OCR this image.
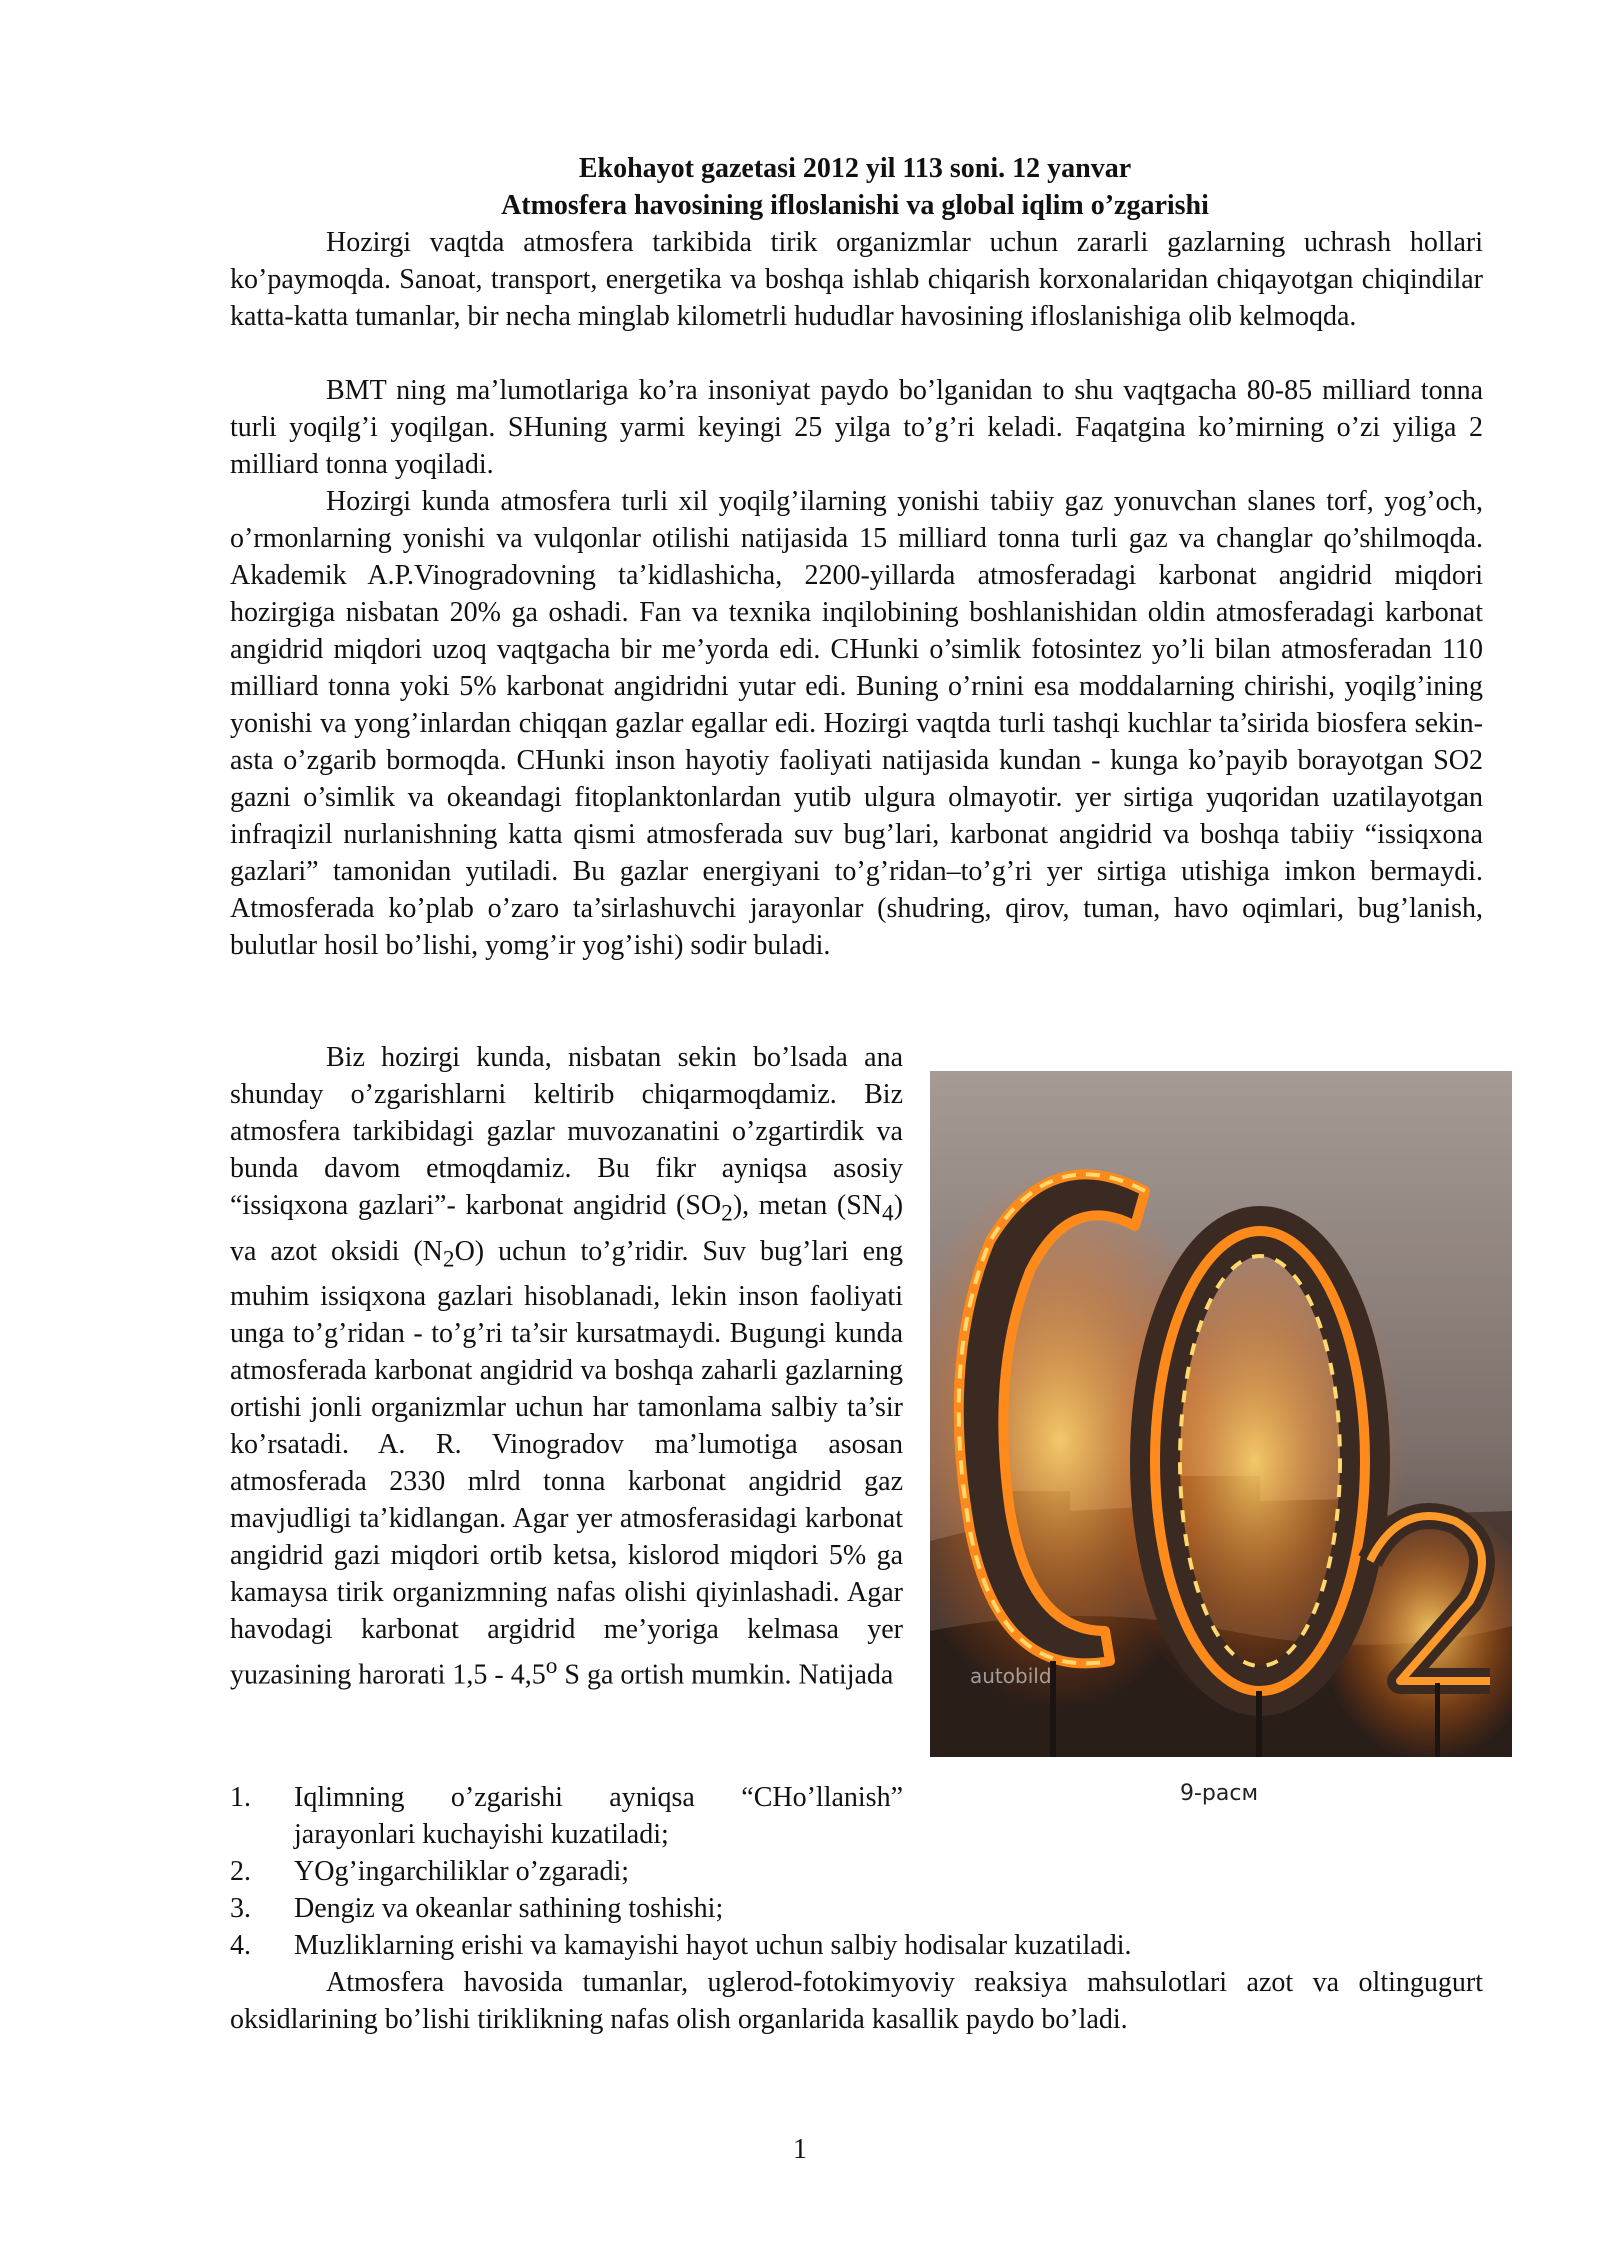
Ekohayot gazetasi 2012 yil 113 soni. 12 yanvar
Atmosfera havosining ifloslanishi va global iqlim o’zgarishi

Hozirgi vaqtda atmosfera tarkibida tirik organizmlar uchun zararli gazlarning uchrash hollari ko’paymoqda. Sanoat, transport, energetika va boshqa ishlab chiqarish korxonalaridan chiqayotgan chiqindilar katta-katta tumanlar, bir necha minglab kilometrli hududlar havosining ifloslanishiga olib kelmoqda.

BMT ning ma’lumotlariga ko’ra insoniyat paydo bo’lganidan to shu vaqtgacha 80-85 milliard tonna turli yoqilg’i yoqilgan. SHuning yarmi keyingi 25 yilga to’g’ri keladi. Faqatgina ko’mirning o’zi yiliga 2 milliard tonna yoqiladi.

Hozirgi kunda atmosfera turli xil yoqilg’ilarning yonishi tabiiy gaz yonuvchan slanes torf, yog’och, o’rmonlarning yonishi va vulqonlar otilishi natijasida 15 milliard tonna turli gaz va changlar qo’shilmoqda. Akademik A.P.Vinogradovning ta’kidlashicha, 2200-yillarda atmosferadagi karbonat angidrid miqdori hozirgiga nisbatan 20% ga oshadi. Fan va texnika inqilobining boshlanishidan oldin atmosferadagi karbonat angidrid miqdori uzoq vaqtgacha bir me’yorda edi. CHunki o’simlik fotosintez yo’li bilan atmosferadan 110 milliard tonna yoki 5% karbonat angidridni yutar edi. Buning o’rnini esa moddalarning chirishi, yoqilg’ining yonishi va yong’inlardan chiqqan gazlar egallar edi. Hozirgi vaqtda turli tashqi kuchlar ta’sirida biosfera sekin-asta o’zgarib bormoqda. CHunki inson hayotiy faoliyati natijasida kundan - kunga ko’payib borayotgan SO2 gazni o’simlik va okeandagi fitoplanktonlardan yutib ulgura olmayotir. yer sirtiga yuqoridan uzatilayotgan infraqizil nurlanishning katta qismi atmosferada suv bug’lari, karbonat angidrid va boshqa tabiiy “issiqxona gazlari” tamonidan yutiladi. Bu gazlar energiyani to’g’ridan–to’g’ri yer sirtiga utishiga imkon bermaydi. Atmosferada ko’plab o’zaro ta’sirlashuvchi jarayonlar (shudring, qirov, tuman, havo oqimlari, bug’lanish, bulutlar hosil bo’lishi, yomg’ir yog’ishi) sodir buladi.

Biz hozirgi kunda, nisbatan sekin bo’lsada ana shunday o’zgarishlarni keltirib chiqarmoqdamiz. Biz atmosfera tarkibidagi gazlar muvozanatini o’zgartirdik va bunda davom etmoqdamiz. Bu fikr ayniqsa asosiy “issiqxona gazlari”- karbonat angidrid $(SO_2)$, metan $(SN_4)$ va azot oksidi $(N_2O)$ uchun to’g’ridir. Suv bug’lari eng muhim issiqxona gazlari hisoblanadi, lekin inson faoliyati unga to’g’ridan - to’g’ri ta’sir kursatmaydi. Bugungi kunda atmosferada karbonat angidrid va boshqa zaharli gazlarning ortishi jonli organizmlar uchun har tamonlama salbiy ta’sir ko’rsatadi. A. R. Vinogradov ma’lumotiga asosan atmosferada 2330 mlrd tonna karbonat angidrid gaz mavjudligi ta’kidlangan. Agar yer atmosferasidagi karbonat angidrid gazi miqdori ortib ketsa, kislorod miqdori 5% ga kamaysa tirik organizmning nafas olishi qiyinlashadi. Agar havodagi karbonat argidrid me’yoriga kelmasa yer yuzasining harorati 1,5 - 4,5$^o$ S ga ortish mumkin. Natijada	autobild
9-расм
1. Iqlimning o’zgarishi ayniqsa “CHo’llanish”
jarayonlari kuchayishi kuzatiladi;
2. YOg’ingarchiliklar o’zgaradi;
3. Dengiz va okeanlar sathining toshishi;
4. Muzliklarning erishi va kamayishi hayot uchun salbiy hodisalar kuzatiladi.

Atmosfera havosida tumanlar, uglerod-fotokimyoviy reaksiya mahsulotlari azot va oltingugurt oksidlarining bo’lishi tiriklikning nafas olish organlarida kasallik paydo bo’ladi.

1
